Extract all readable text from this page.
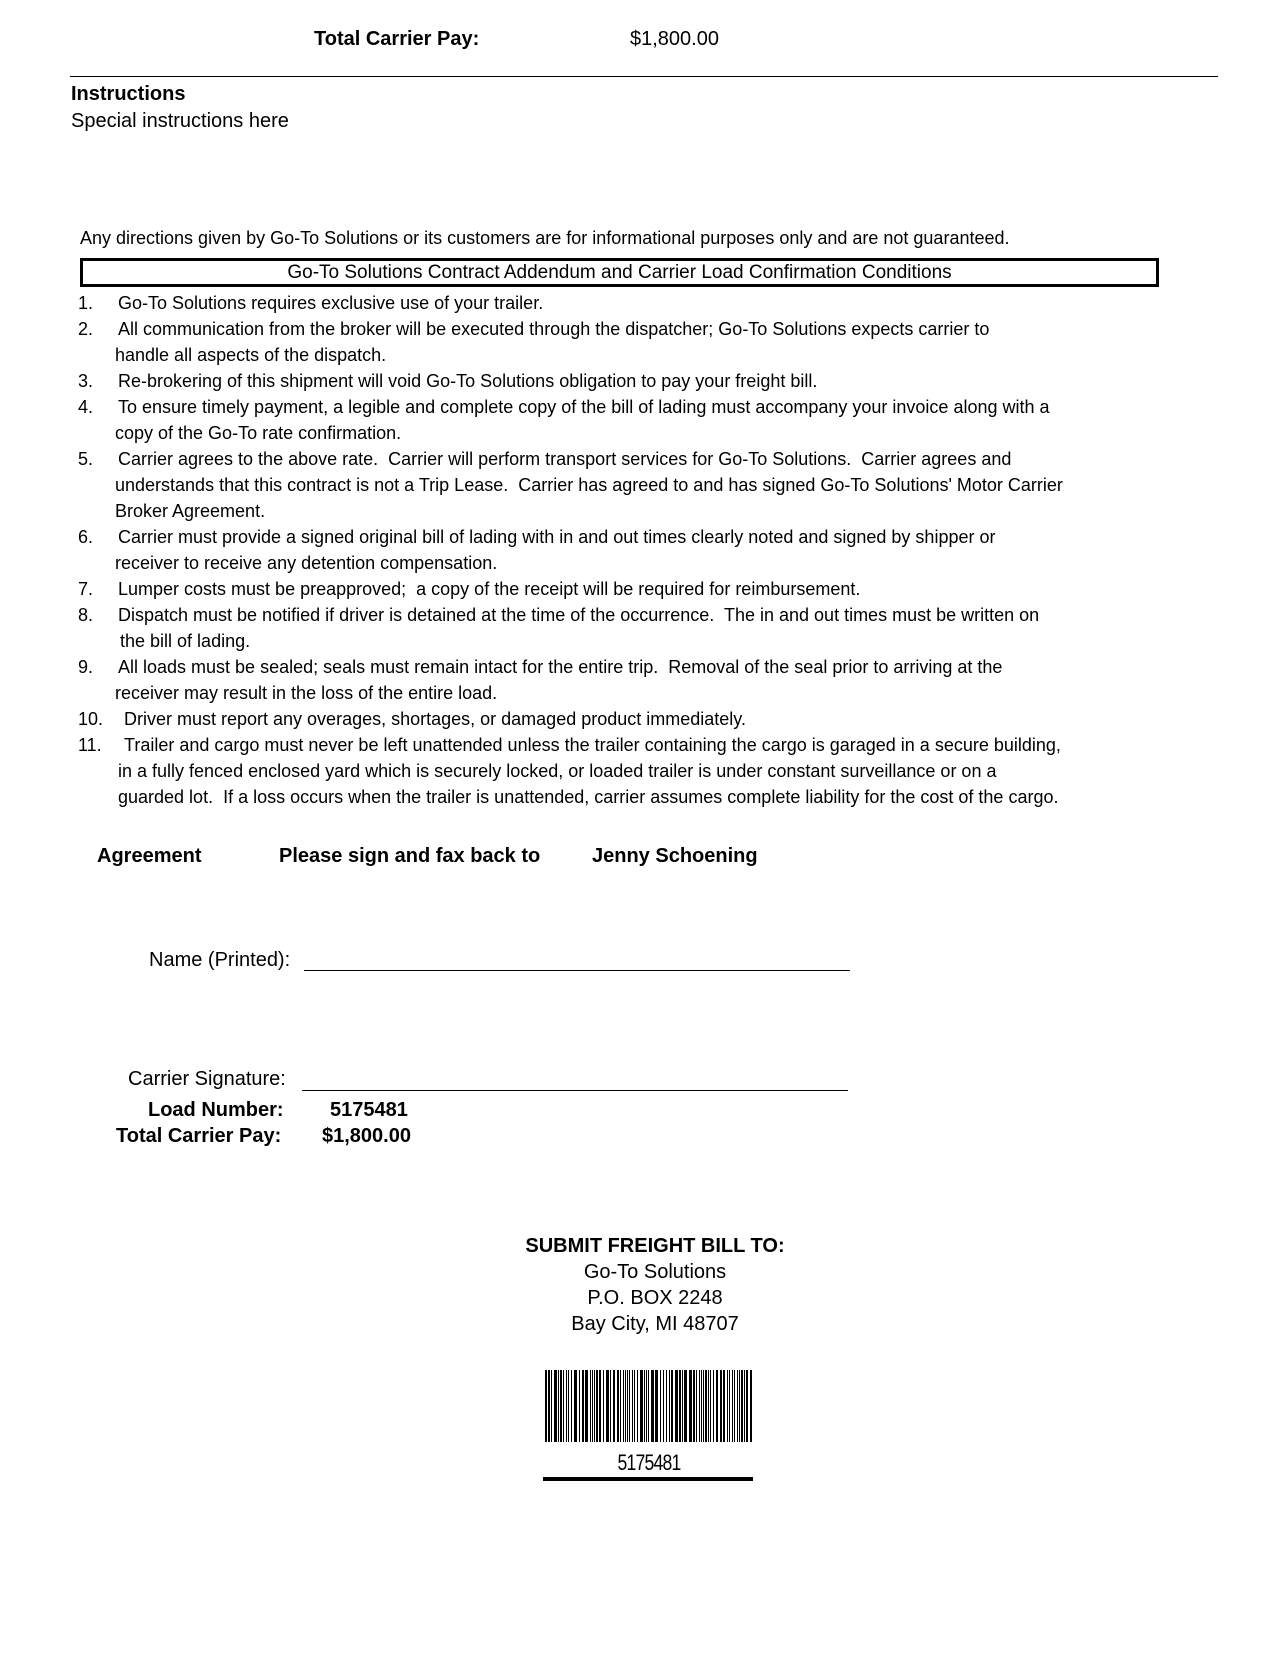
Total Carrier Pay:	$1,800.00
Instructions
Special instructions here
Any directions given by Go-To Solutions or its customers are for informational purposes only and are not guaranteed.
Go-To Solutions Contract Addendum and Carrier Load Confirmation Conditions
1.	Go-To Solutions requires exclusive use of your trailer.
2.	All communication from the broker will be executed through the dispatcher; Go-To Solutions expects carrier to
handle all aspects of the dispatch.
3.	Re-brokering of this shipment will void Go-To Solutions obligation to pay your freight bill.
4.	To ensure timely payment, a legible and complete copy of the bill of lading must accompany your invoice along with a
copy of the Go-To rate confirmation.
5.	Carrier agrees to the above rate.  Carrier will perform transport services for Go-To Solutions.  Carrier agrees and
understands that this contract is not a Trip Lease.  Carrier has agreed to and has signed Go-To Solutions' Motor Carrier
Broker Agreement.
6.	Carrier must provide a signed original bill of lading with in and out times clearly noted and signed by shipper or
receiver to receive any detention compensation.
7.	Lumper costs must be preapproved;  a copy of the receipt will be required for reimbursement.
8.	Dispatch must be notified if driver is detained at the time of the occurrence.  The in and out times must be written on
the bill of lading.
9.	All loads must be sealed; seals must remain intact for the entire trip.  Removal of the seal prior to arriving at the
receiver may result in the loss of the entire load.
10.	Driver must report any overages, shortages, or damaged product immediately.
11.	Trailer and cargo must never be left unattended unless the trailer containing the cargo is garaged in a secure building,
in a fully fenced enclosed yard which is securely locked, or loaded trailer is under constant surveillance or on a
guarded lot.  If a loss occurs when the trailer is unattended, carrier assumes complete liability for the cost of the cargo.
Agreement	Please sign and fax back to	Jenny Schoening
Name (Printed):
Carrier Signature:
Load Number: 5175481
Total Carrier Pay: $1,800.00
SUBMIT FREIGHT BILL TO:
Go-To Solutions
P.O. BOX 2248
Bay City, MI 48707
5175481
